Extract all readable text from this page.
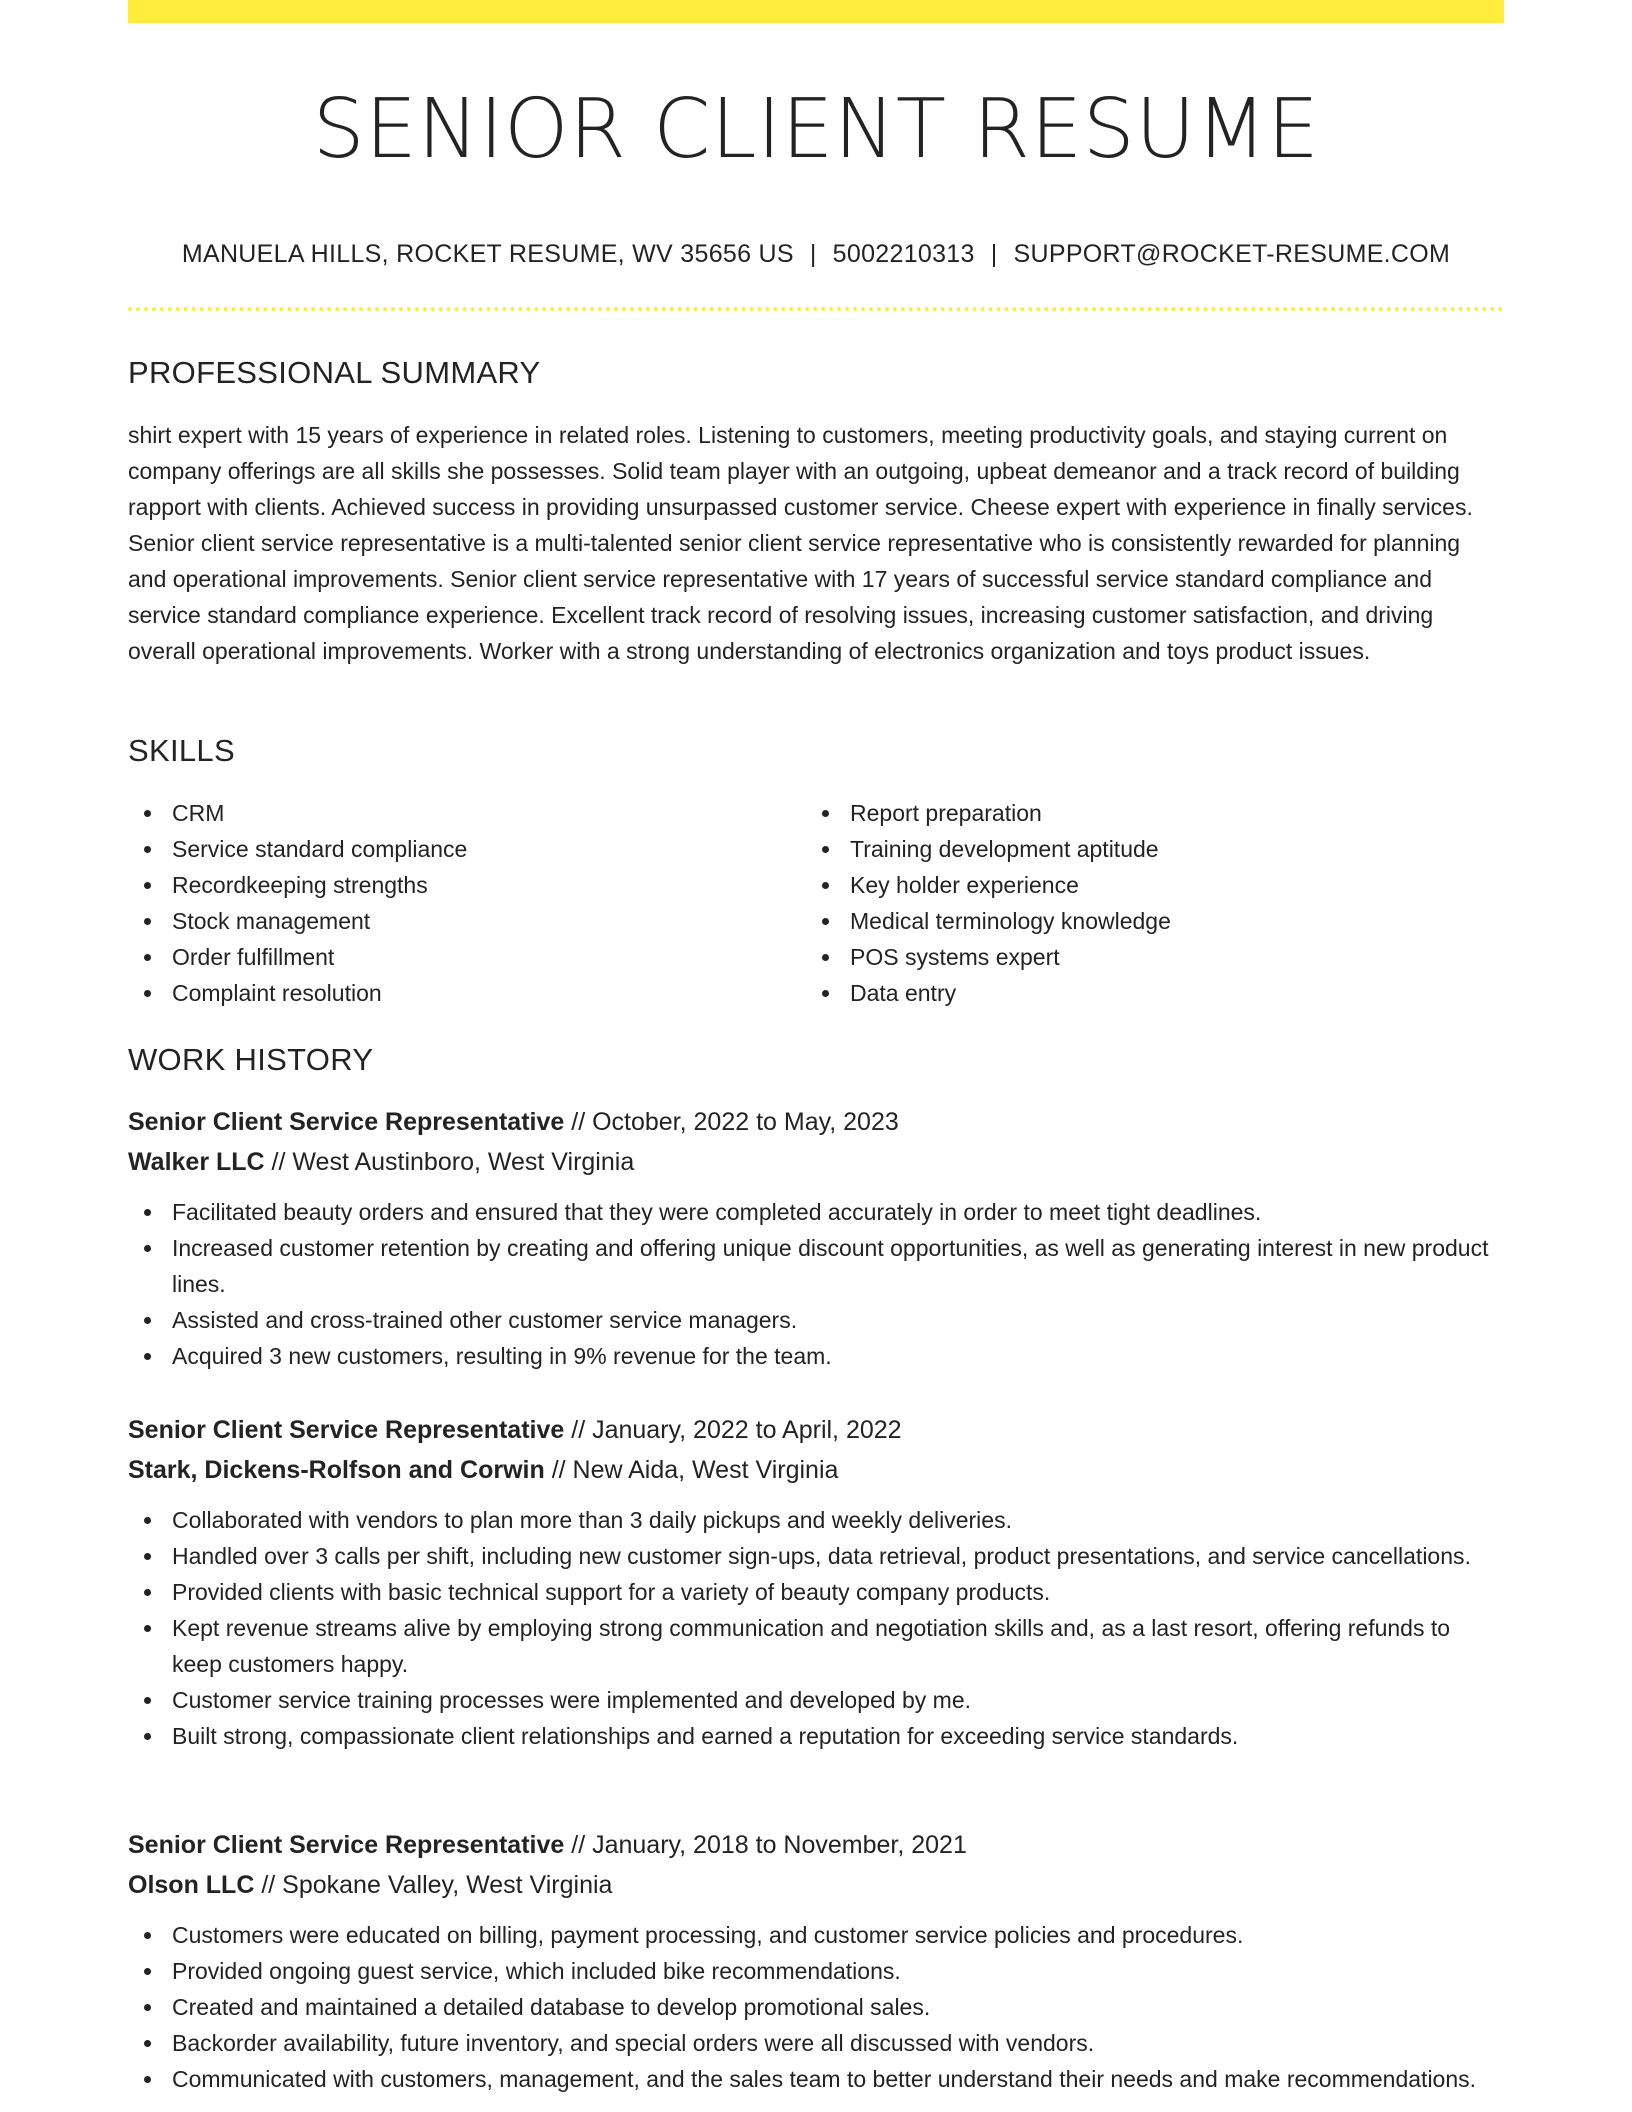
SENIOR CLIENT RESUME
MANUELA HILLS, ROCKET RESUME, WV 35656 US | 5002210313 | SUPPORT@ROCKET-RESUME.COM
PROFESSIONAL SUMMARY

shirt expert with 15 years of experience in related roles. Listening to customers, meeting productivity goals, and staying current on company offerings are all skills she possesses. Solid team player with an outgoing, upbeat demeanor and a track record of building rapport with clients. Achieved success in providing unsurpassed customer service. Cheese expert with experience in finally services. Senior client service representative is a multi-talented senior client service representative who is consistently rewarded for planning and operational improvements. Senior client service representative with 17 years of successful service standard compliance and service standard compliance experience. Excellent track record of resolving issues, increasing customer satisfaction, and driving overall operational improvements. Worker with a strong understanding of electronics organization and toys product issues.

SKILLS
CRM
Service standard compliance
Recordkeeping strengths
Stock management
Order fulfillment
Complaint resolution
Report preparation
Training development aptitude
Key holder experience
Medical terminology knowledge
POS systems expert
Data entry
WORK HISTORY
Senior Client Service Representative // October, 2022 to May, 2023
Walker LLC // West Austinboro, West Virginia
Facilitated beauty orders and ensured that they were completed accurately in order to meet tight deadlines.
Increased customer retention by creating and offering unique discount opportunities, as well as generating interest in new product lines.
Assisted and cross-trained other customer service managers.
Acquired 3 new customers, resulting in 9% revenue for the team.
Senior Client Service Representative // January, 2022 to April, 2022
Stark, Dickens-Rolfson and Corwin // New Aida, West Virginia
Collaborated with vendors to plan more than 3 daily pickups and weekly deliveries.
Handled over 3 calls per shift, including new customer sign-ups, data retrieval, product presentations, and service cancellations.
Provided clients with basic technical support for a variety of beauty company products.
Kept revenue streams alive by employing strong communication and negotiation skills and, as a last resort, offering refunds to keep customers happy.
Customer service training processes were implemented and developed by me.
Built strong, compassionate client relationships and earned a reputation for exceeding service standards.
Senior Client Service Representative // January, 2018 to November, 2021
Olson LLC // Spokane Valley, West Virginia
Customers were educated on billing, payment processing, and customer service policies and procedures.
Provided ongoing guest service, which included bike recommendations.
Created and maintained a detailed database to develop promotional sales.
Backorder availability, future inventory, and special orders were all discussed with vendors.
Communicated with customers, management, and the sales team to better understand their needs and make recommendations.
